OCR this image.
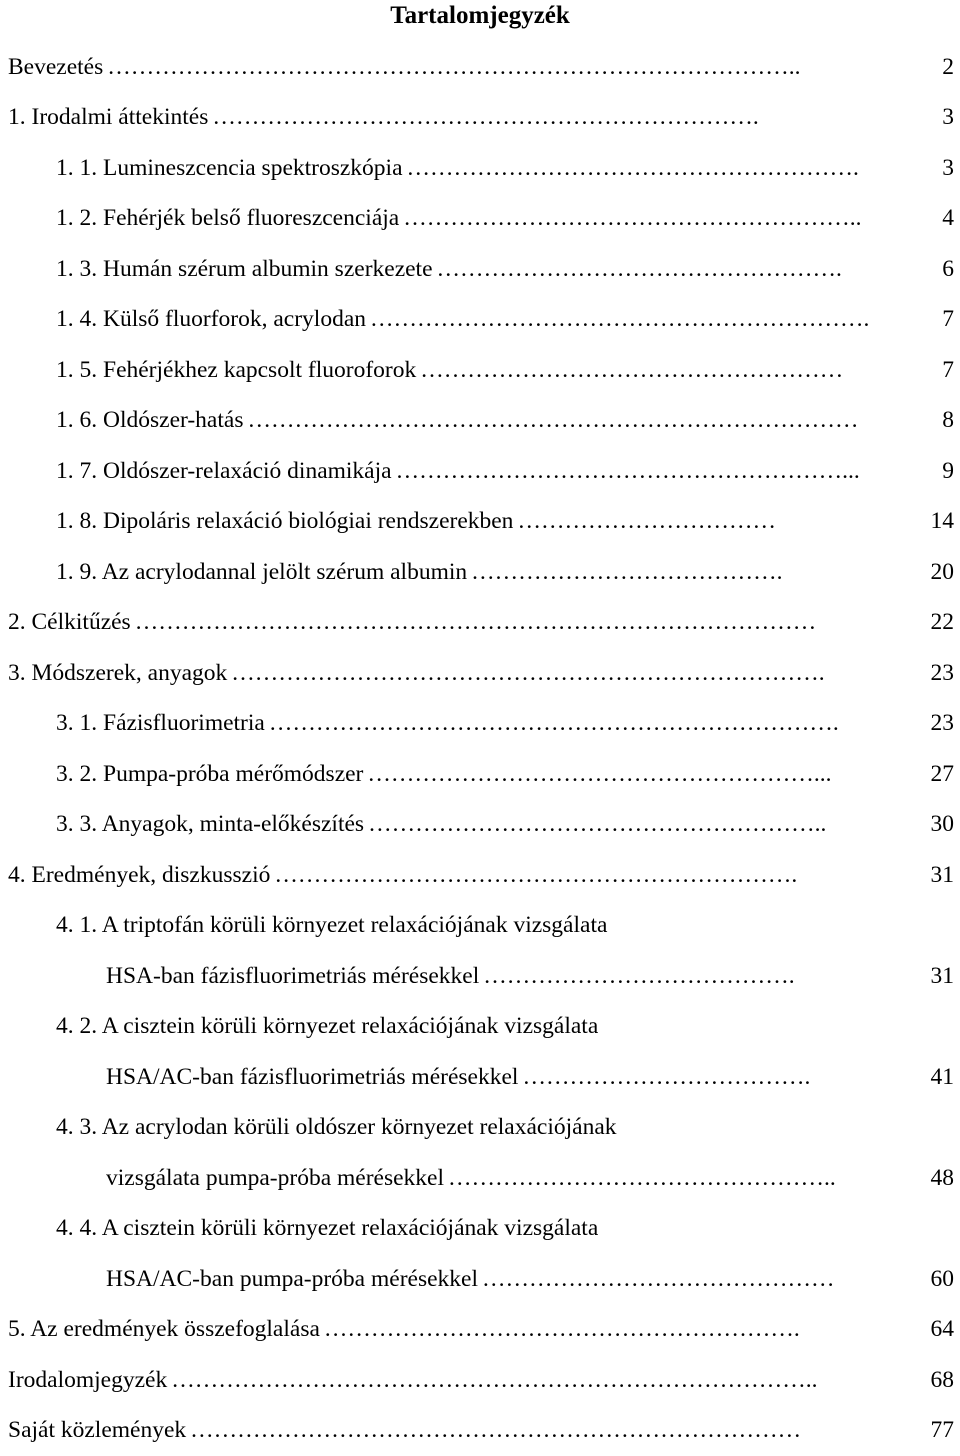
Tartalomjegyzék
Bevezetés ……………………………………………………………………………..	2
1. Irodalmi áttekintés …………………………………………………………….	3
1. 1. Lumineszcencia spektroszkópia ………………………………………………….	3
1. 2. Fehérjék belső fluoreszcenciája …………………………………………………..	4
1. 3. Humán szérum albumin szerkezete …………………………………………….	6
1. 4. Külső fluorforok, acrylodan ……………………………………………………….	7
1. 5. Fehérjékhez kapcsolt fluoroforok ………………………………………………	7
1. 6. Oldószer-hatás ……………………………………………………………………	8
1. 7. Oldószer-relaxáció dinamikája …………………………………………………...	9
1. 8. Dipoláris relaxáció biológiai rendszerekben ……………………………	14
1. 9. Az acrylodannal jelölt szérum albumin ………………………………….	20
2. Célkitűzés ……………………………………………………………………………	22
3. Módszerek, anyagok ………………………………………………………………….	23
3. 1. Fázisfluorimetria ……………………………………………………………….	23
3. 2. Pumpa-próba mérőmódszer …………………………………………………...	27
3. 3. Anyagok, minta-előkészítés …………………………………………………..	30
4. Eredmények, diszkusszió ………………………………………………………….	31
4. 1. A triptofán körüli környezet relaxációjának vizsgálata
HSA-ban fázisfluorimetriás mérésekkel ………………………………….	31
4. 2. A cisztein körüli környezet relaxációjának vizsgálata
HSA/AC-ban fázisfluorimetriás mérésekkel ……………………………….	41
4. 3. Az acrylodan körüli oldószer környezet relaxációjának
vizsgálata pumpa-próba mérésekkel …………………………………………..	48
4. 4. A cisztein körüli környezet relaxációjának vizsgálata
HSA/AC-ban pumpa-próba mérésekkel ………………………………………	60
5. Az eredmények összefoglalása …………………………………………………….	64
Irodalomjegyzék ………………………………………………………………………..	68
Saját közlemények ……………………………………………………………………	77
